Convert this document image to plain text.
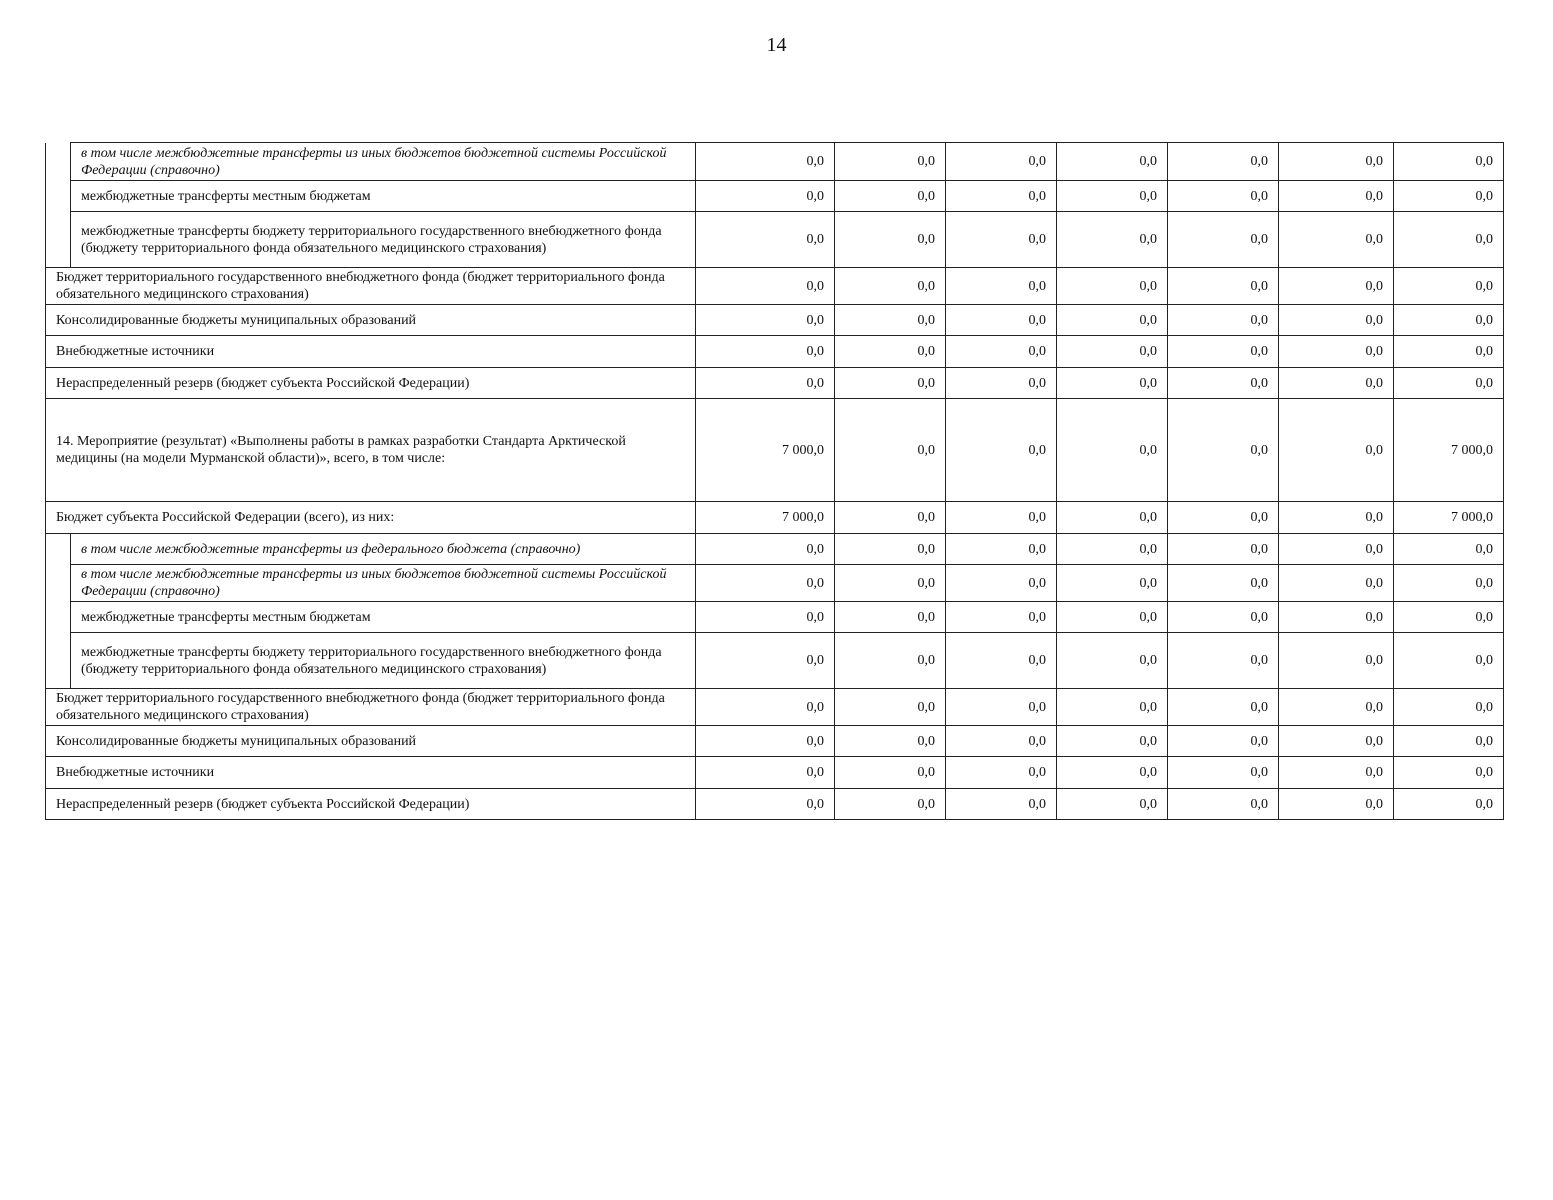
14
	в том числе межбюджетные трансферты из иных бюджетов бюджетной системы Российской Федерации (справочно)	0,0	0,0	0,0	0,0	0,0	0,0	0,0
	межбюджетные трансферты местным бюджетам	0,0	0,0	0,0	0,0	0,0	0,0	0,0
	межбюджетные трансферты бюджету территориального государственного внебюджетного фонда (бюджету территориального фонда обязательного медицинского страхования)	0,0	0,0	0,0	0,0	0,0	0,0	0,0
Бюджет территориального государственного внебюджетного фонда (бюджет территориального фонда обязательного медицинского страхования)		0,0	0,0	0,0	0,0	0,0	0,0	0,0
Консолидированные бюджеты муниципальных образований		0,0	0,0	0,0	0,0	0,0	0,0	0,0
Внебюджетные источники		0,0	0,0	0,0	0,0	0,0	0,0	0,0
Нераспределенный резерв (бюджет субъекта Российской Федерации)		0,0	0,0	0,0	0,0	0,0	0,0	0,0
14. Мероприятие (результат) «Выполнены работы в рамках разработки Стандарта Арктической медицины (на модели Мурманской области)», всего, в том числе:		7 000,0	0,0	0,0	0,0	0,0	0,0	7 000,0
Бюджет субъекта Российской Федерации (всего), из них:		7 000,0	0,0	0,0	0,0	0,0	0,0	7 000,0
	в том числе межбюджетные трансферты из федерального бюджета (справочно)	0,0	0,0	0,0	0,0	0,0	0,0	0,0
	в том числе межбюджетные трансферты из иных бюджетов бюджетной системы Российской Федерации (справочно)	0,0	0,0	0,0	0,0	0,0	0,0	0,0
	межбюджетные трансферты местным бюджетам	0,0	0,0	0,0	0,0	0,0	0,0	0,0
	межбюджетные трансферты бюджету территориального государственного внебюджетного фонда (бюджету территориального фонда обязательного медицинского страхования)	0,0	0,0	0,0	0,0	0,0	0,0	0,0
Бюджет территориального государственного внебюджетного фонда (бюджет территориального фонда обязательного медицинского страхования)		0,0	0,0	0,0	0,0	0,0	0,0	0,0
Консолидированные бюджеты муниципальных образований		0,0	0,0	0,0	0,0	0,0	0,0	0,0
Внебюджетные источники		0,0	0,0	0,0	0,0	0,0	0,0	0,0
Нераспределенный резерв (бюджет субъекта Российской Федерации)		0,0	0,0	0,0	0,0	0,0	0,0	0,0
